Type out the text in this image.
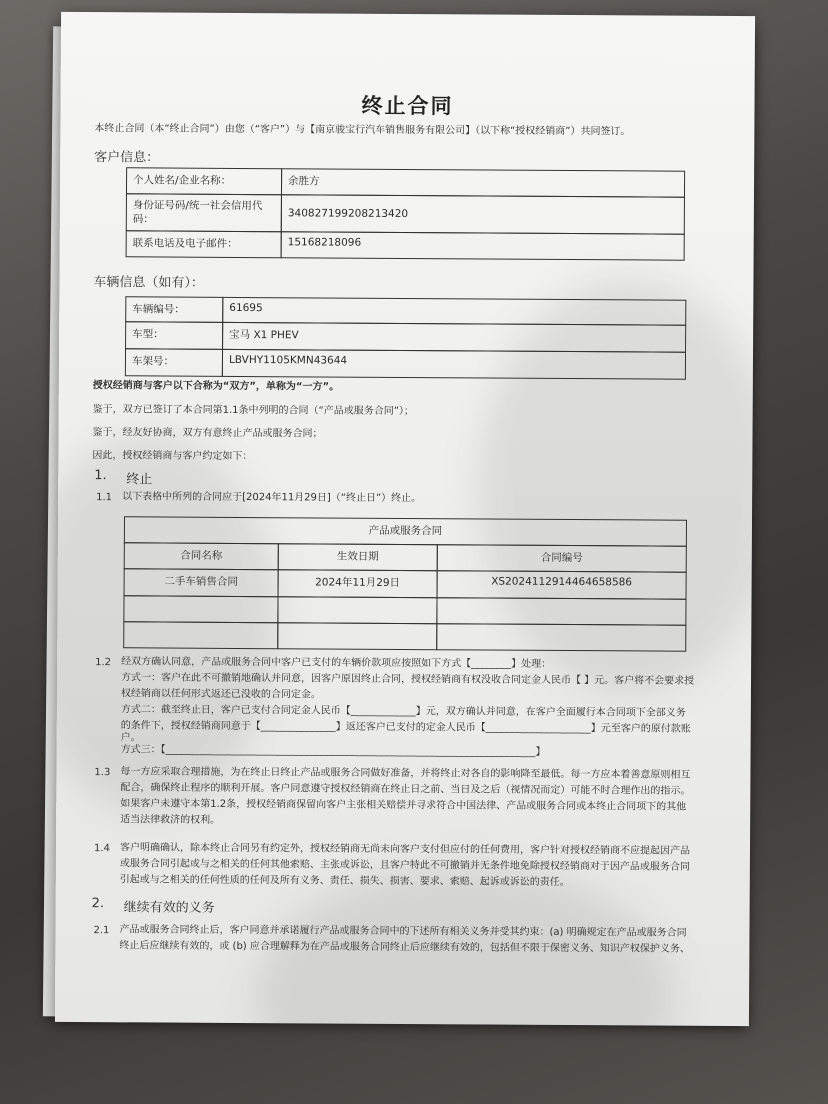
终止合同
本终止合同（本“终止合同”）由您（“客户”）与【南京骏宝行汽车销售服务有限公司】（以下称“授权经销商”）共同签订。
客户信息：
个人姓名/企业名称：	余胜方
身份证号码/统一社会信用代码：	340827199208213420
联系电话及电子邮件：	15168218096
车辆信息（如有）：
车辆编号：	61695
车型：	宝马 X1 PHEV
车架号：	LBVHY1105KMN43644
授权经销商与客户以下合称为“双方”，单称为“一方”。
鉴于，双方已签订了本合同第1.1条中列明的合同（“产品或服务合同”）；
鉴于，经友好协商，双方有意终止产品或服务合同；
因此，授权经销商与客户约定如下：
1. 终止
1.1 以下表格中所列的合同应于[2024年11月29日]（“终止日”）终止。
产品或服务合同
合同名称	生效日期	合同编号
二手车销售合同	2024年11月29日	XS2024112914464658586
1.2 经双方确认同意，产品或服务合同中客户已支付的车辆价款项应按照如下方式【________】处理：
方式一：客户在此不可撤销地确认并同意，因客户原因终止合同，授权经销商有权没收合同定金人民币【 】元。客户将不会要求授
权经销商以任何形式返还已没收的合同定金。
方式二：截至终止日，客户已支付合同定金人民币【_____________】元，双方确认并同意，在客户全面履行本合同项下全部义务
的条件下，授权经销商同意于【_______________】返还客户已支付的定金人民币【_____________________】元至客户的原付款账
户。
方式三：【__________________________________________________________________________】
1.3 每一方应采取合理措施，为在终止日终止产品或服务合同做好准备，并将终止对各自的影响降至最低。每一方应本着善意原则相互
配合，确保终止程序的顺利开展。客户同意遵守授权经销商在终止日之前、当日及之后（视情况而定）可能不时合理作出的指示。
如果客户未遵守本第1.2条，授权经销商保留向客户主张相关赔偿并寻求符合中国法律、产品或服务合同或本终止合同项下的其他
适当法律救济的权利。
1.4 客户明确确认，除本终止合同另有约定外，授权经销商无尚未向客户支付但应付的任何费用，客户针对授权经销商不应提起因产品
或服务合同引起或与之相关的任何其他索赔、主张或诉讼，且客户特此不可撤销并无条件地免除授权经销商对于因产品或服务合同
引起或与之相关的任何性质的任何及所有义务、责任、损失、损害、要求、索赔、起诉或诉讼的责任。
2. 继续有效的义务
2.1 产品或服务合同终止后，客户同意并承诺履行产品或服务合同中的下述所有相关义务并受其约束：(a) 明确规定在产品或服务合同
终止后应继续有效的，或 (b) 应合理解释为在产品或服务合同终止后应继续有效的，包括但不限于保密义务、知识产权保护义务、
